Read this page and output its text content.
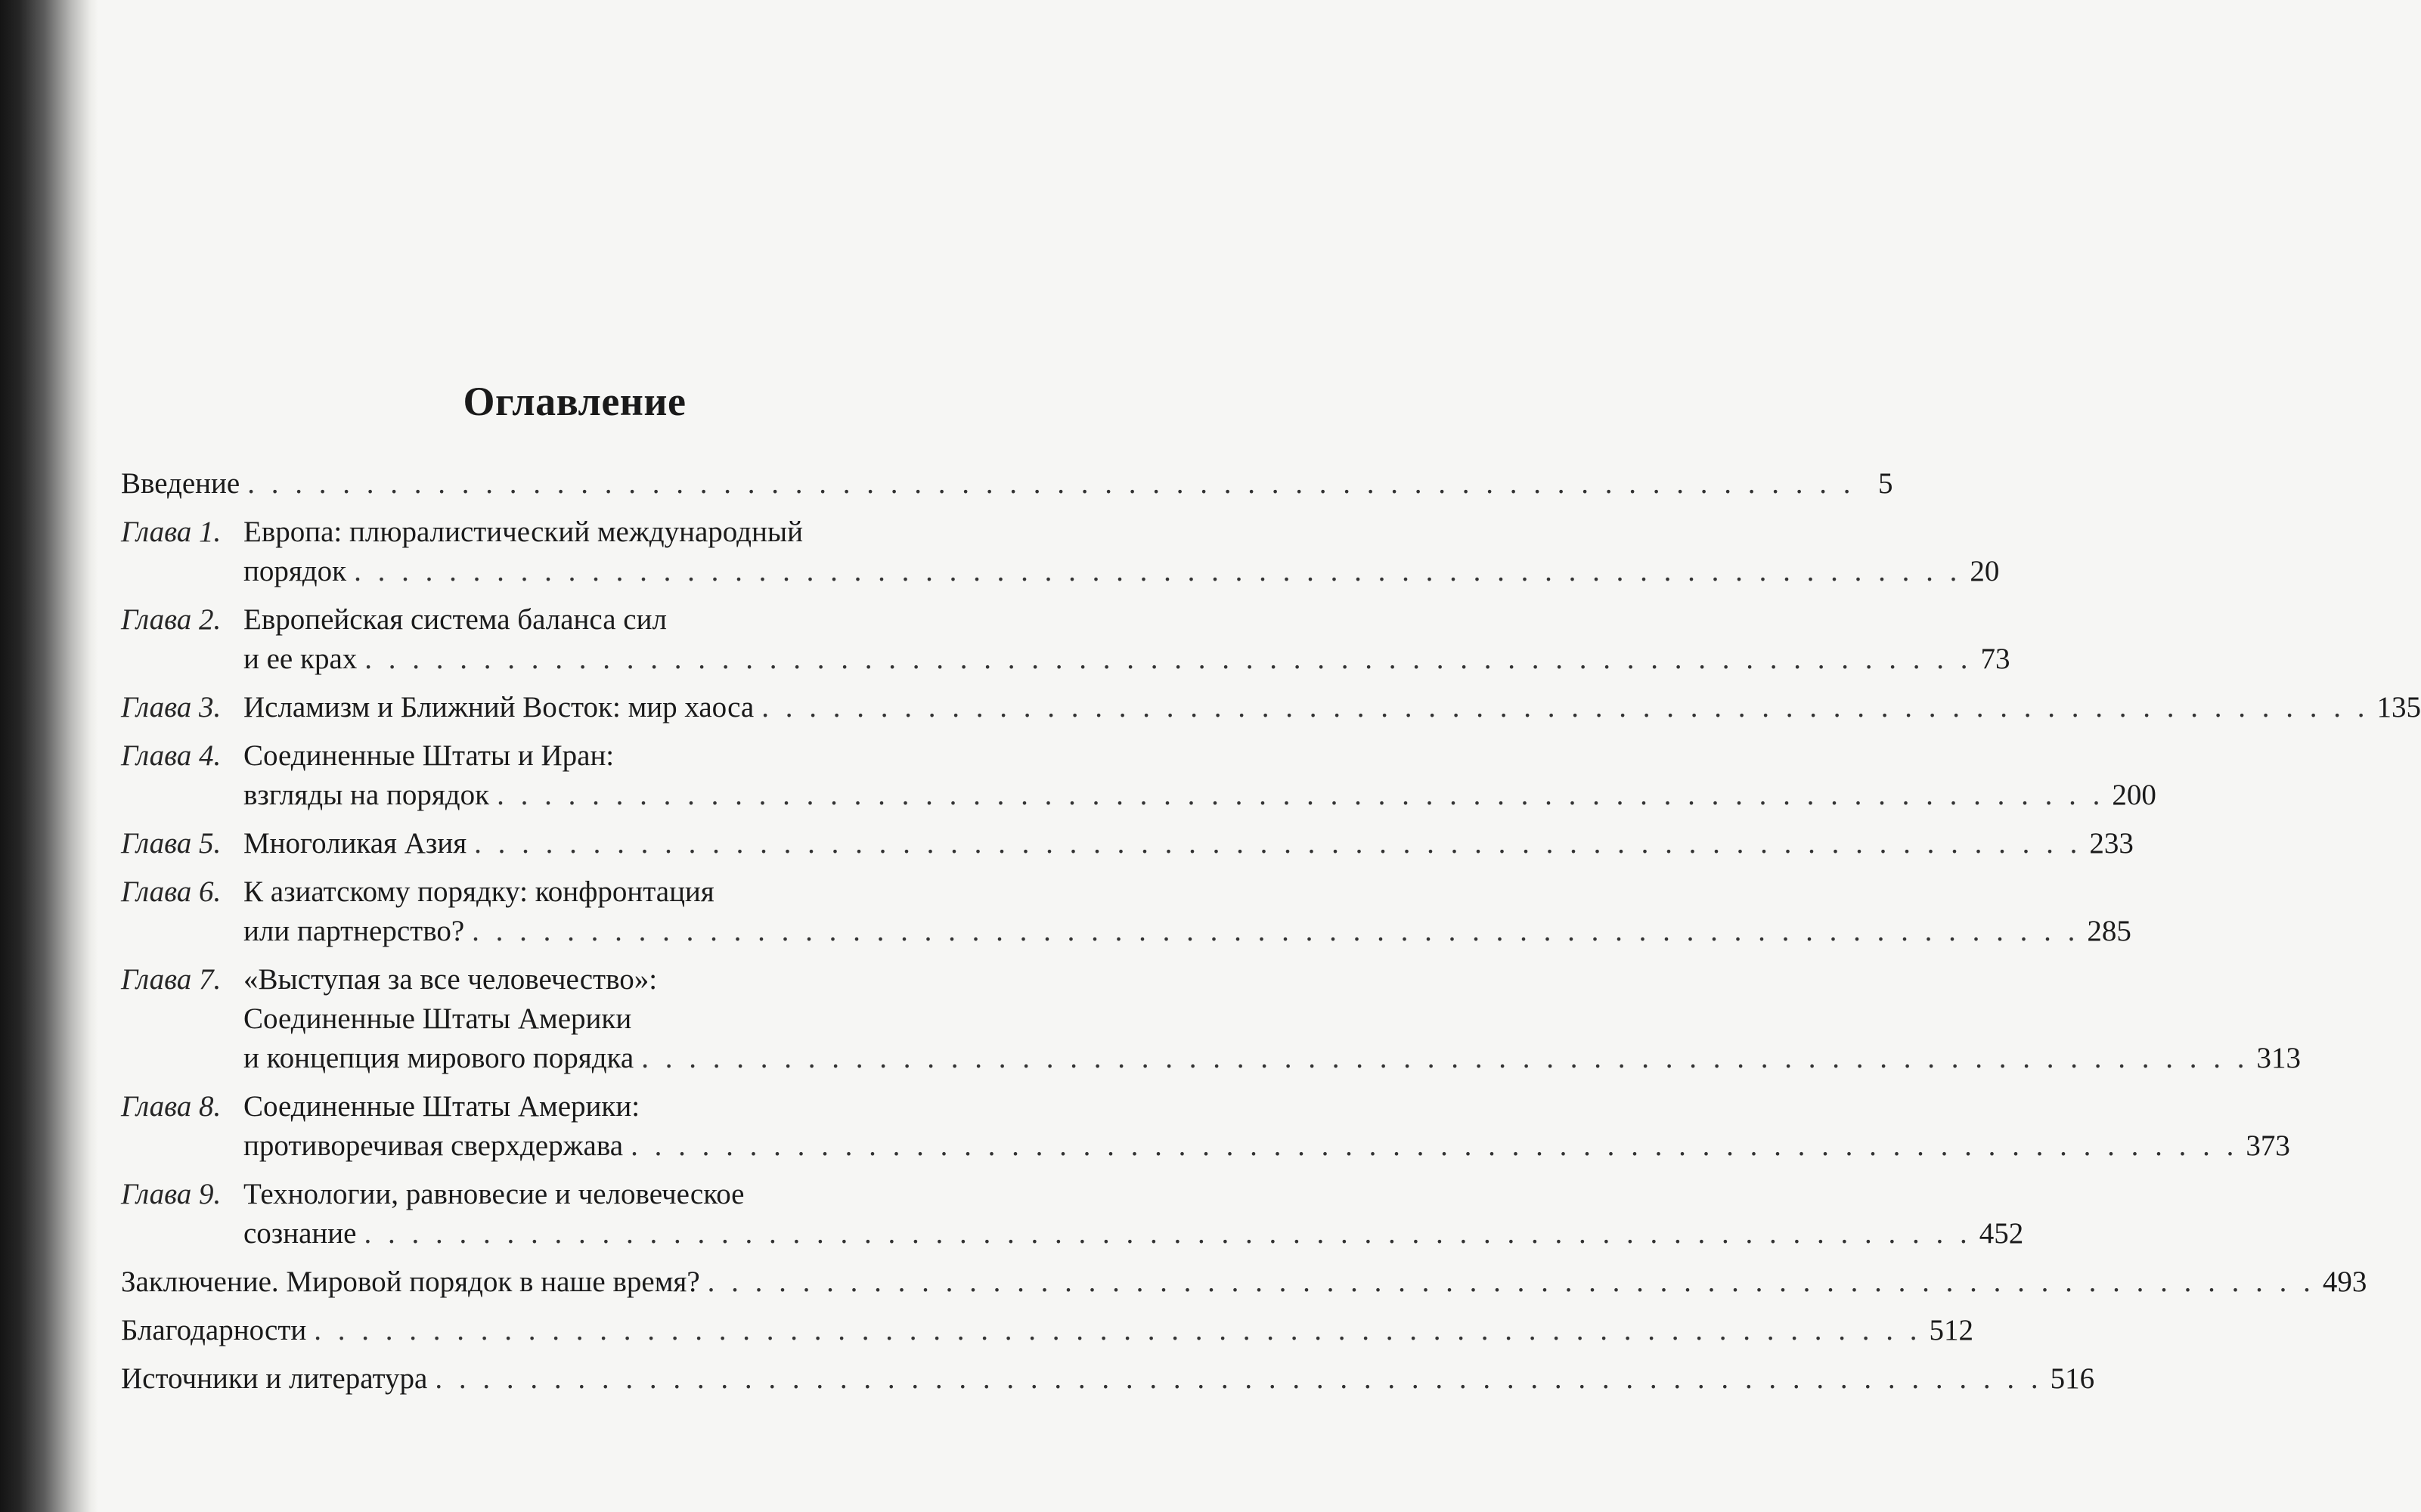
Оглавление
Введение . . .	5
Глава 1. Европа: плюралистический международный
порядок . . .	20
Глава 2. Европейская система баланса сил
и ее крах . . .	73
Глава 3. Исламизм и Ближний Восток: мир хаоса . . .	135
Глава 4. Соединенные Штаты и Иран:
взгляды на порядок . . .	200
Глава 5. Многоликая Азия . . .	233
Глава 6. К азиатскому порядку: конфронтация
или партнерство? . . .	285
Глава 7. «Выступая за все человечество»:
Соединенные Штаты Америки
и концепция мирового порядка . . .	313
Глава 8. Соединенные Штаты Америки:
противоречивая сверхдержава . . .	373
Глава 9. Технологии, равновесие и человеческое
сознание . . .	452
Заключение. Мировой порядок в наше время? . . .	493
Благодарности . . .	512
Источники и литература . . .	516
